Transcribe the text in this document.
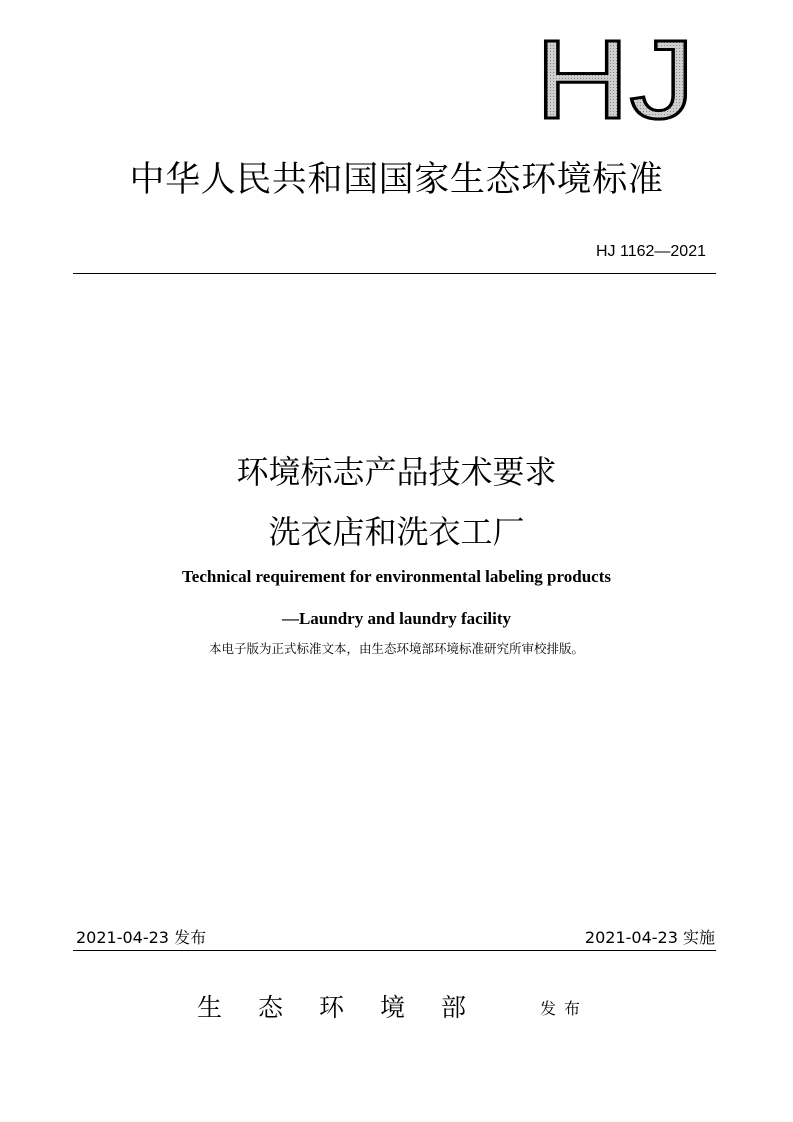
HJ
中华人民共和国国家生态环境标准
HJ 1162—2021
环境标志产品技术要求
洗衣店和洗衣工厂
Technical requirement for environmental labeling products
—Laundry and laundry facility
本电子版为正式标准文本，由生态环境部环境标准研究所审校排版。
2021-04-23 发布	2021-04-23 实施
生态环境部 发布
